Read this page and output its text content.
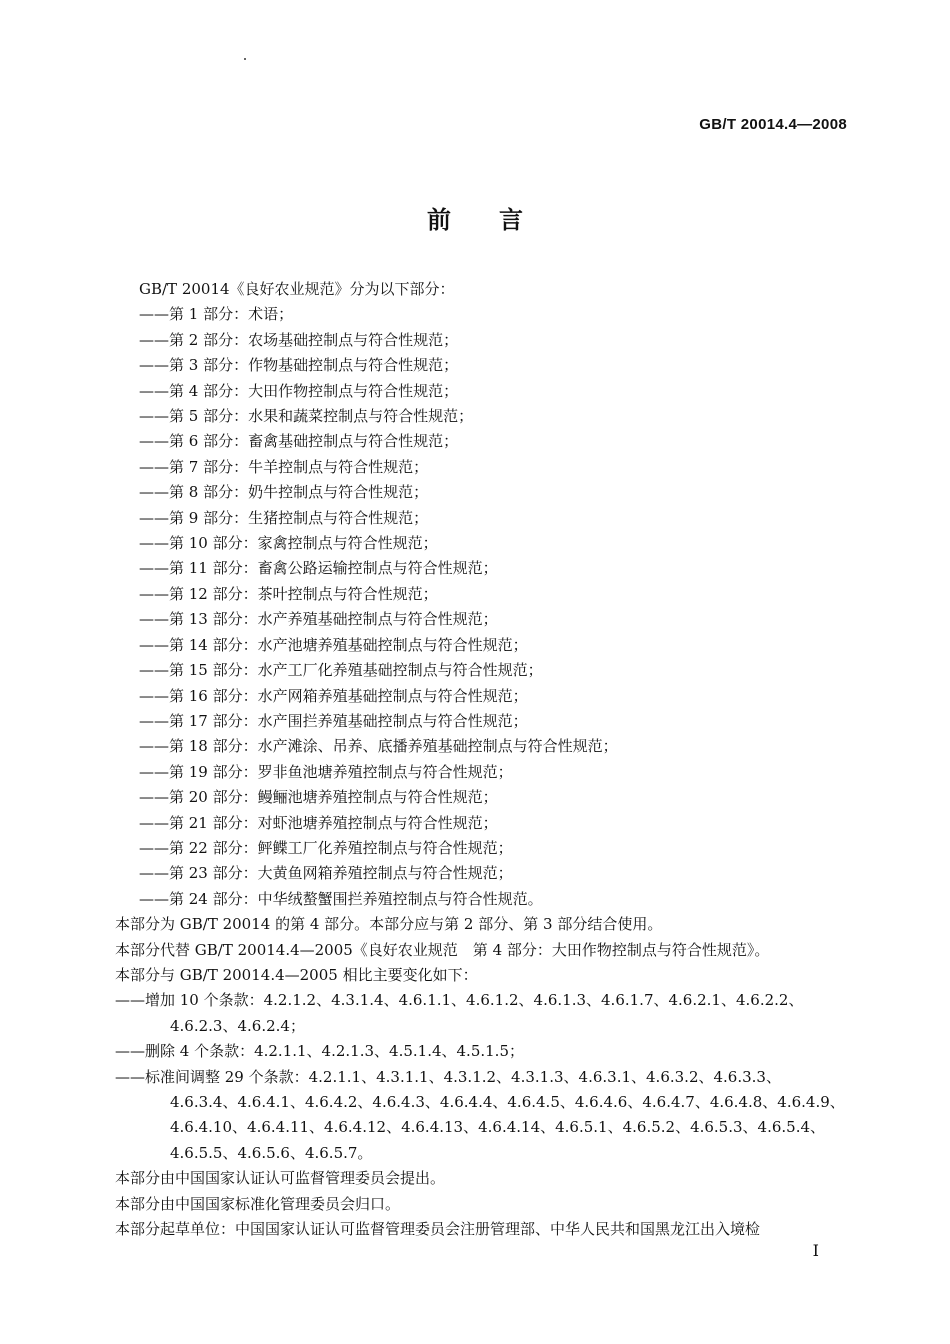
GB/T 20014.4—2008
前言
GB/T 20014《良好农业规范》分为以下部分：
——第 1 部分：术语；
——第 2 部分：农场基础控制点与符合性规范；
——第 3 部分：作物基础控制点与符合性规范；
——第 4 部分：大田作物控制点与符合性规范；
——第 5 部分：水果和蔬菜控制点与符合性规范；
——第 6 部分：畜禽基础控制点与符合性规范；
——第 7 部分：牛羊控制点与符合性规范；
——第 8 部分：奶牛控制点与符合性规范；
——第 9 部分：生猪控制点与符合性规范；
——第 10 部分：家禽控制点与符合性规范；
——第 11 部分：畜禽公路运输控制点与符合性规范；
——第 12 部分：茶叶控制点与符合性规范；
——第 13 部分：水产养殖基础控制点与符合性规范；
——第 14 部分：水产池塘养殖基础控制点与符合性规范；
——第 15 部分：水产工厂化养殖基础控制点与符合性规范；
——第 16 部分：水产网箱养殖基础控制点与符合性规范；
——第 17 部分：水产围拦养殖基础控制点与符合性规范；
——第 18 部分：水产滩涂、吊养、底播养殖基础控制点与符合性规范；
——第 19 部分：罗非鱼池塘养殖控制点与符合性规范；
——第 20 部分：鳗鲡池塘养殖控制点与符合性规范；
——第 21 部分：对虾池塘养殖控制点与符合性规范；
——第 22 部分：鲆鲽工厂化养殖控制点与符合性规范；
——第 23 部分：大黄鱼网箱养殖控制点与符合性规范；
——第 24 部分：中华绒螯蟹围拦养殖控制点与符合性规范。
本部分为 GB/T 20014 的第 4 部分。本部分应与第 2 部分、第 3 部分结合使用。
本部分代替 GB/T 20014.4—2005《良好农业规范　第 4 部分：大田作物控制点与符合性规范》。
本部分与 GB/T 20014.4—2005 相比主要变化如下：
——增加 10 个条款：4.2.1.2、4.3.1.4、4.6.1.1、4.6.1.2、4.6.1.3、4.6.1.7、4.6.2.1、4.6.2.2、
4.6.2.3、4.6.2.4；
——删除 4 个条款：4.2.1.1、4.2.1.3、4.5.1.4、4.5.1.5；
——标准间调整 29 个条款：4.2.1.1、4.3.1.1、4.3.1.2、4.3.1.3、4.6.3.1、4.6.3.2、4.6.3.3、
4.6.3.4、4.6.4.1、4.6.4.2、4.6.4.3、4.6.4.4、4.6.4.5、4.6.4.6、4.6.4.7、4.6.4.8、4.6.4.9、
4.6.4.10、4.6.4.11、4.6.4.12、4.6.4.13、4.6.4.14、4.6.5.1、4.6.5.2、4.6.5.3、4.6.5.4、
4.6.5.5、4.6.5.6、4.6.5.7。
本部分由中国国家认证认可监督管理委员会提出。
本部分由中国国家标准化管理委员会归口。
本部分起草单位：中国国家认证认可监督管理委员会注册管理部、中华人民共和国黑龙江出入境检
I
